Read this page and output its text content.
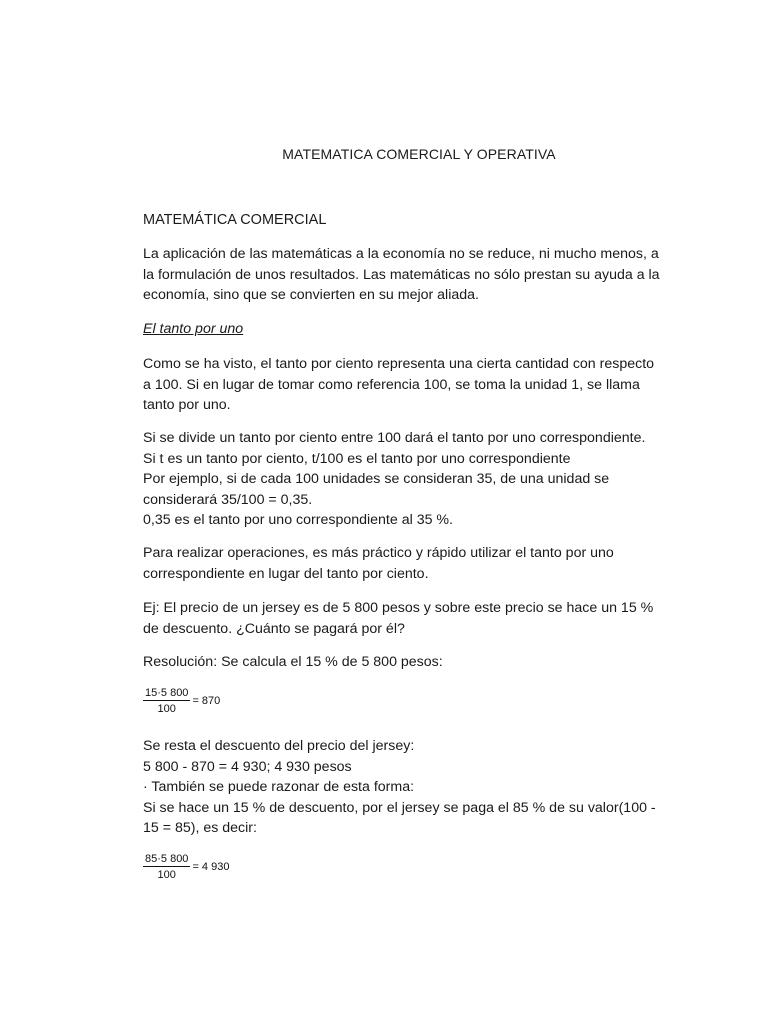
MATEMATICA COMERCIAL Y OPERATIVA
MATEMÁTICA COMERCIAL

La aplicación de las matemáticas a la economía no se reduce, ni mucho menos, a
la formulación de unos resultados. Las matemáticas no sólo prestan su ayuda a la
economía, sino que se convierten en su mejor aliada.

El tanto por uno

Como se ha visto, el tanto por ciento representa una cierta cantidad con respecto
a 100. Si en lugar de tomar como referencia 100, se toma la unidad 1, se llama
tanto por uno.

Si se divide un tanto por ciento entre 100 dará el tanto por uno correspondiente.
Si t es un tanto por ciento, t/100 es el tanto por uno correspondiente
Por ejemplo, si de cada 100 unidades se consideran 35, de una unidad se
considerará 35/100 = 0,35.
0,35 es el tanto por uno correspondiente al 35 %.

Para realizar operaciones, es más práctico y rápido utilizar el tanto por uno
correspondiente en lugar del tanto por ciento.

Ej: El precio de un jersey es de 5 800 pesos y sobre este precio se hace un 15 %
de descuento. ¿Cuánto se pagará por él?

Resolución: Se calcula el 15 % de 5 800 pesos:

$\frac{15\cdot 5 800}{100} = 870$

Se resta el descuento del precio del jersey:
5 800 - 870 = 4 930; 4 930 pesos
· También se puede razonar de esta forma:
Si se hace un 15 % de descuento, por el jersey se paga el 85 % de su valor(100 -
15 = 85), es decir:

$\frac{85\cdot 5 800}{100} = 4$ 930
